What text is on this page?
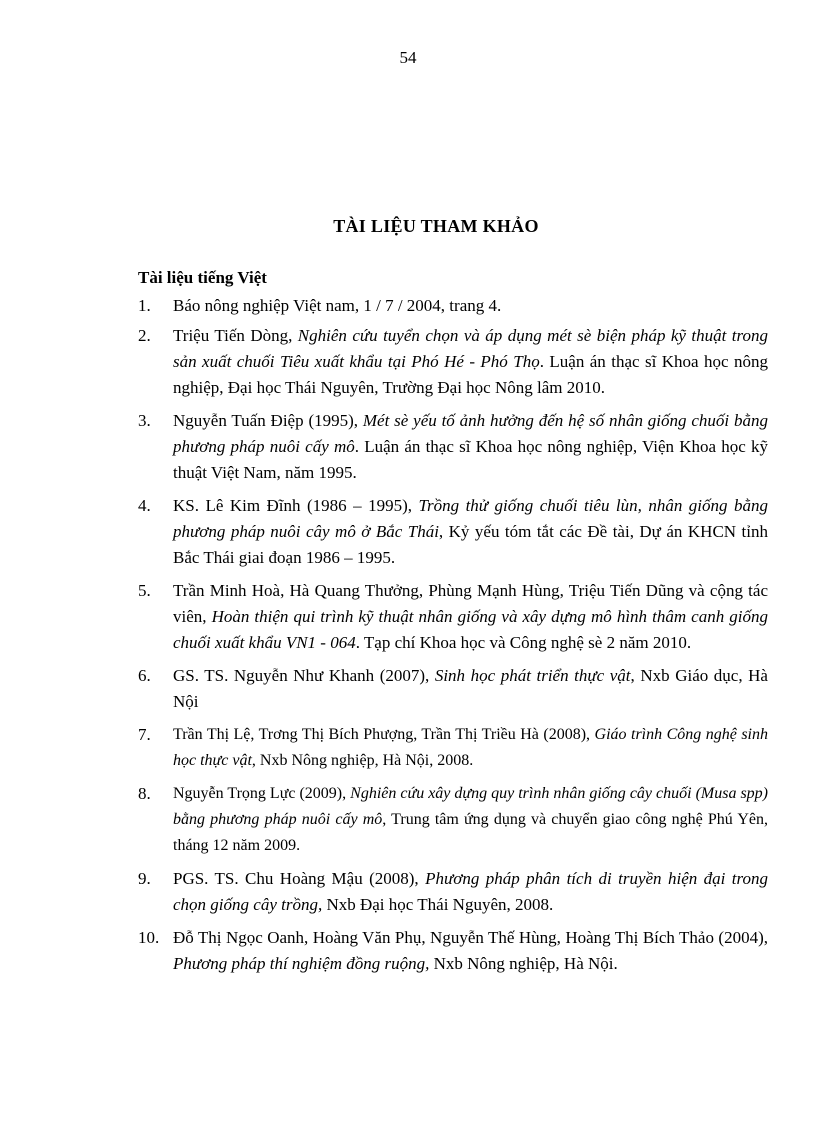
54
TÀI LIỆU THAM KHẢO
Tài liệu tiếng Việt
1. Báo nông nghiệp Việt nam, 1 / 7 / 2004, trang 4.
2. Triệu Tiến Dòng, Nghiên cứu tuyển chọn và áp dụng mét sè biện pháp kỹ thuật trong sản xuất chuối Tiêu xuất khẩu tại Phó Hé - Phó Thọ. Luận án thạc sĩ Khoa học nông nghiệp, Đại học Thái Nguyên, Trường Đại học Nông lâm 2010.
3. Nguyễn Tuấn Điệp (1995), Mét sè yếu tố ảnh hưởng đến hệ số nhân giống chuối bằng phương pháp nuôi cấy mô. Luận án thạc sĩ Khoa học nông nghiệp, Viện Khoa học kỹ thuật Việt Nam, năm 1995.
4. KS. Lê Kim Đĩnh (1986 – 1995), Trồng thử giống chuối tiêu lùn, nhân giống bằng phương pháp nuôi cây mô ở Bắc Thái, Kỷ yếu tóm tắt các Đề tài, Dự án KHCN tỉnh Bắc Thái giai đoạn 1986 – 1995.
5. Trần Minh Hoà, Hà Quang Thưởng, Phùng Mạnh Hùng, Triệu Tiến Dũng và cộng tác viên, Hoàn thiện qui trình kỹ thuật nhân giống và xây dựng mô hình thâm canh giống chuối xuất khẩu VN1 - 064. Tạp chí Khoa học và Công nghệ sè 2 năm 2010.
6. GS. TS. Nguyễn Như Khanh (2007), Sinh học phát triển thực vật, Nxb Giáo dục, Hà Nội
7. Trần Thị Lệ, Trơng Thị Bích Phượng, Trần Thị Triều Hà (2008), Giáo trình Công nghệ sinh học thực vật, Nxb Nông nghiệp, Hà Nội, 2008.
8. Nguyễn Trọng Lực (2009), Nghiên cứu xây dựng quy trình nhân giống cây chuối (Musa spp) bằng phương pháp nuôi cấy mô, Trung tâm ứng dụng và chuyển giao công nghệ Phú Yên, tháng 12 năm 2009.
9. PGS. TS. Chu Hoàng Mậu (2008), Phương pháp phân tích di truyền hiện đại trong chọn giống cây trồng, Nxb Đại học Thái Nguyên, 2008.
10. Đỗ Thị Ngọc Oanh, Hoàng Văn Phụ, Nguyễn Thế Hùng, Hoàng Thị Bích Thảo (2004), Phương pháp thí nghiệm đồng ruộng, Nxb Nông nghiệp, Hà Nội.
